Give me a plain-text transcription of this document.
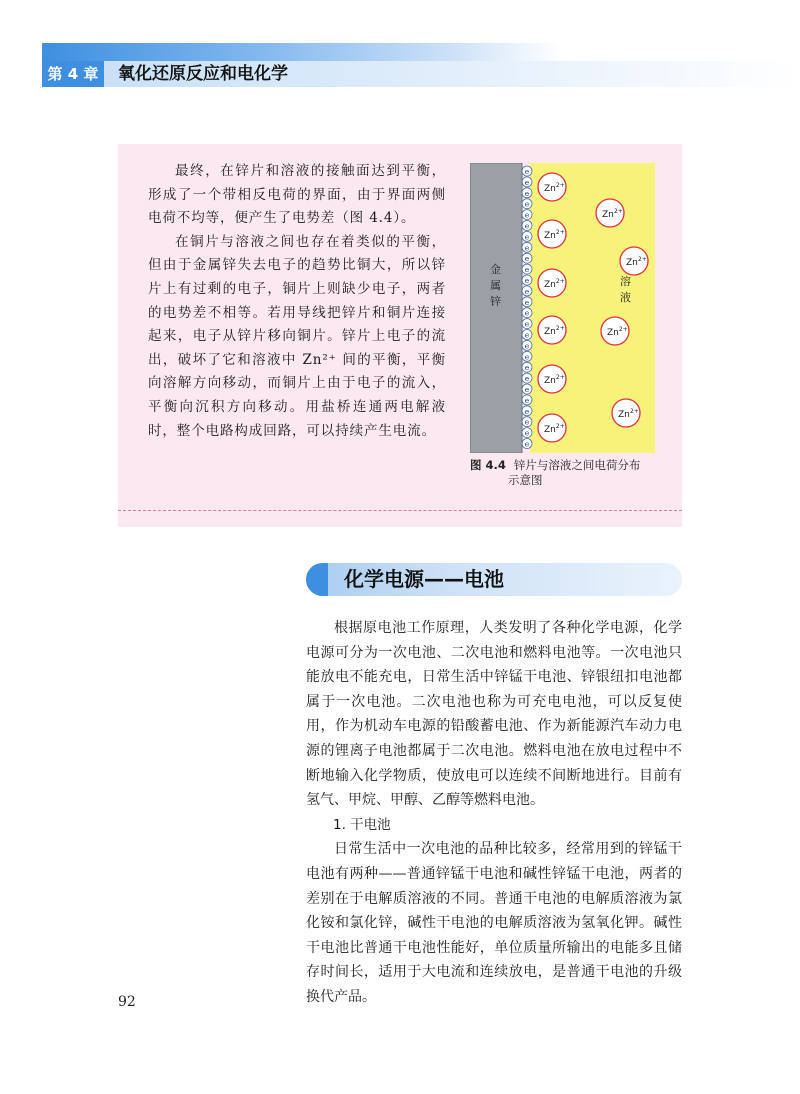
第 4 章	氧化还原反应和电化学

最终，在锌片和溶液的接触面达到平衡，形成了一个带相反电荷的界面，由于界面两侧电荷不均等，便产生了电势差（图 4.4）。

在铜片与溶液之间也存在着类似的平衡，但由于金属锌失去电子的趋势比铜大，所以锌片上有过剩的电子，铜片上则缺少电子，两者的电势差不相等。若用导线把锌片和铜片连接起来，电子从锌片移向铜片。锌片上电子的流出，破坏了它和溶液中 Zn²⁺ 间的平衡，平衡向溶解方向移动，而铜片上由于电子的流入，平衡向沉积方向移动。用盐桥连通两电解液时，整个电路构成回路，可以持续产生电流。

e
e
e
e
e
e
e
e
e
e
e
e
e
e
e
e
e
e
e
e
e
e
e
e
e
e
金属锌
溶液
$Zn^{2+}$
$Zn^{2+}$
$Zn^{2+}$
$Zn^{2+}$
$Zn^{2+}$
$Zn^{2+}$	$Zn^{2+}$
$Zn^{2+}$
$Zn^{2+}$
$Zn^{2+}$
图 4.4 锌片与溶液之间电荷分布
示意图
化学电源——电池

根据原电池工作原理，人类发明了各种化学电源，化学电源可分为一次电池、二次电池和燃料电池等。一次电池只能放电不能充电，日常生活中锌锰干电池、锌银纽扣电池都属于一次电池。二次电池也称为可充电电池，可以反复使用，作为机动车电源的铅酸蓄电池、作为新能源汽车动力电源的锂离子电池都属于二次电池。燃料电池在放电过程中不断地输入化学物质，使放电可以连续不间断地进行。目前有氢气、甲烷、甲醇、乙醇等燃料电池。

1. 干电池

日常生活中一次电池的品种比较多，经常用到的锌锰干电池有两种——普通锌锰干电池和碱性锌锰干电池，两者的差别在于电解质溶液的不同。普通干电池的电解质溶液为氯化铵和氯化锌，碱性干电池的电解质溶液为氢氧化钾。碱性干电池比普通干电池性能好，单位质量所输出的电能多且储存时间长，适用于大电流和连续放电，是普通干电池的升级换代产品。

92
